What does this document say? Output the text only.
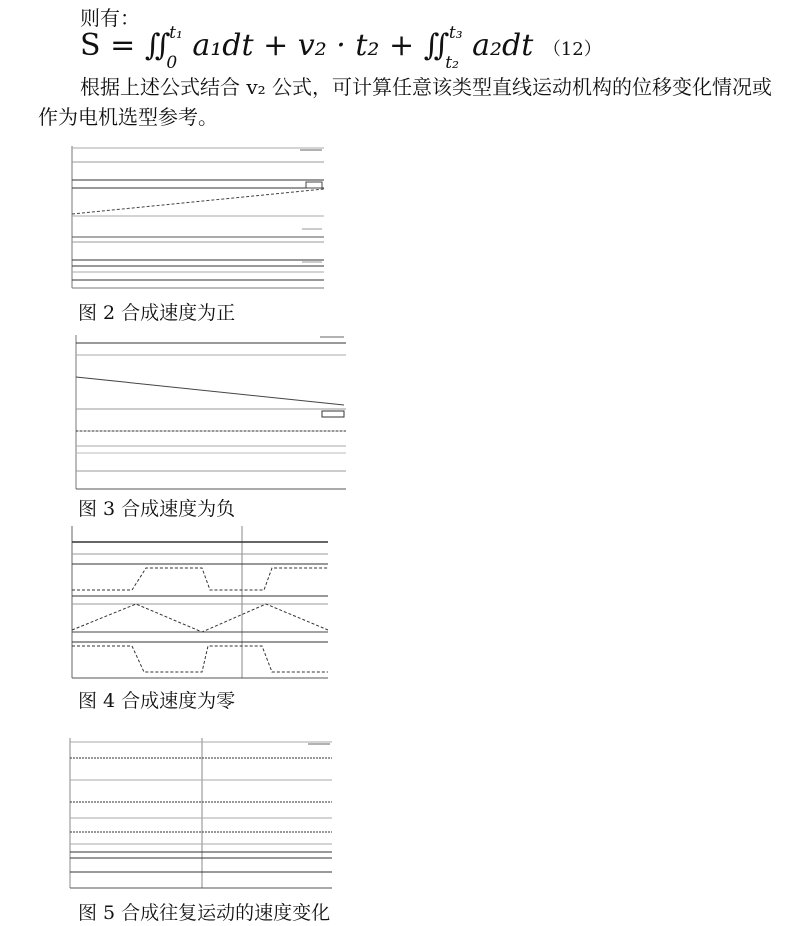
则有：
$S = ∬_0^{t_1}$ $a_1dt + v_2 \cdot t_2 + ∬_{t_2}^{t_3}$ a₂dt （12）
根据上述公式结合 v₂ 公式，可计算任意该类型直线运动机构的位移变化情况或作为电机选型参考。
图 2 合成速度为正
图 3 合成速度为负
图 4 合成速度为零
图 5 合成往复运动的速度变化
